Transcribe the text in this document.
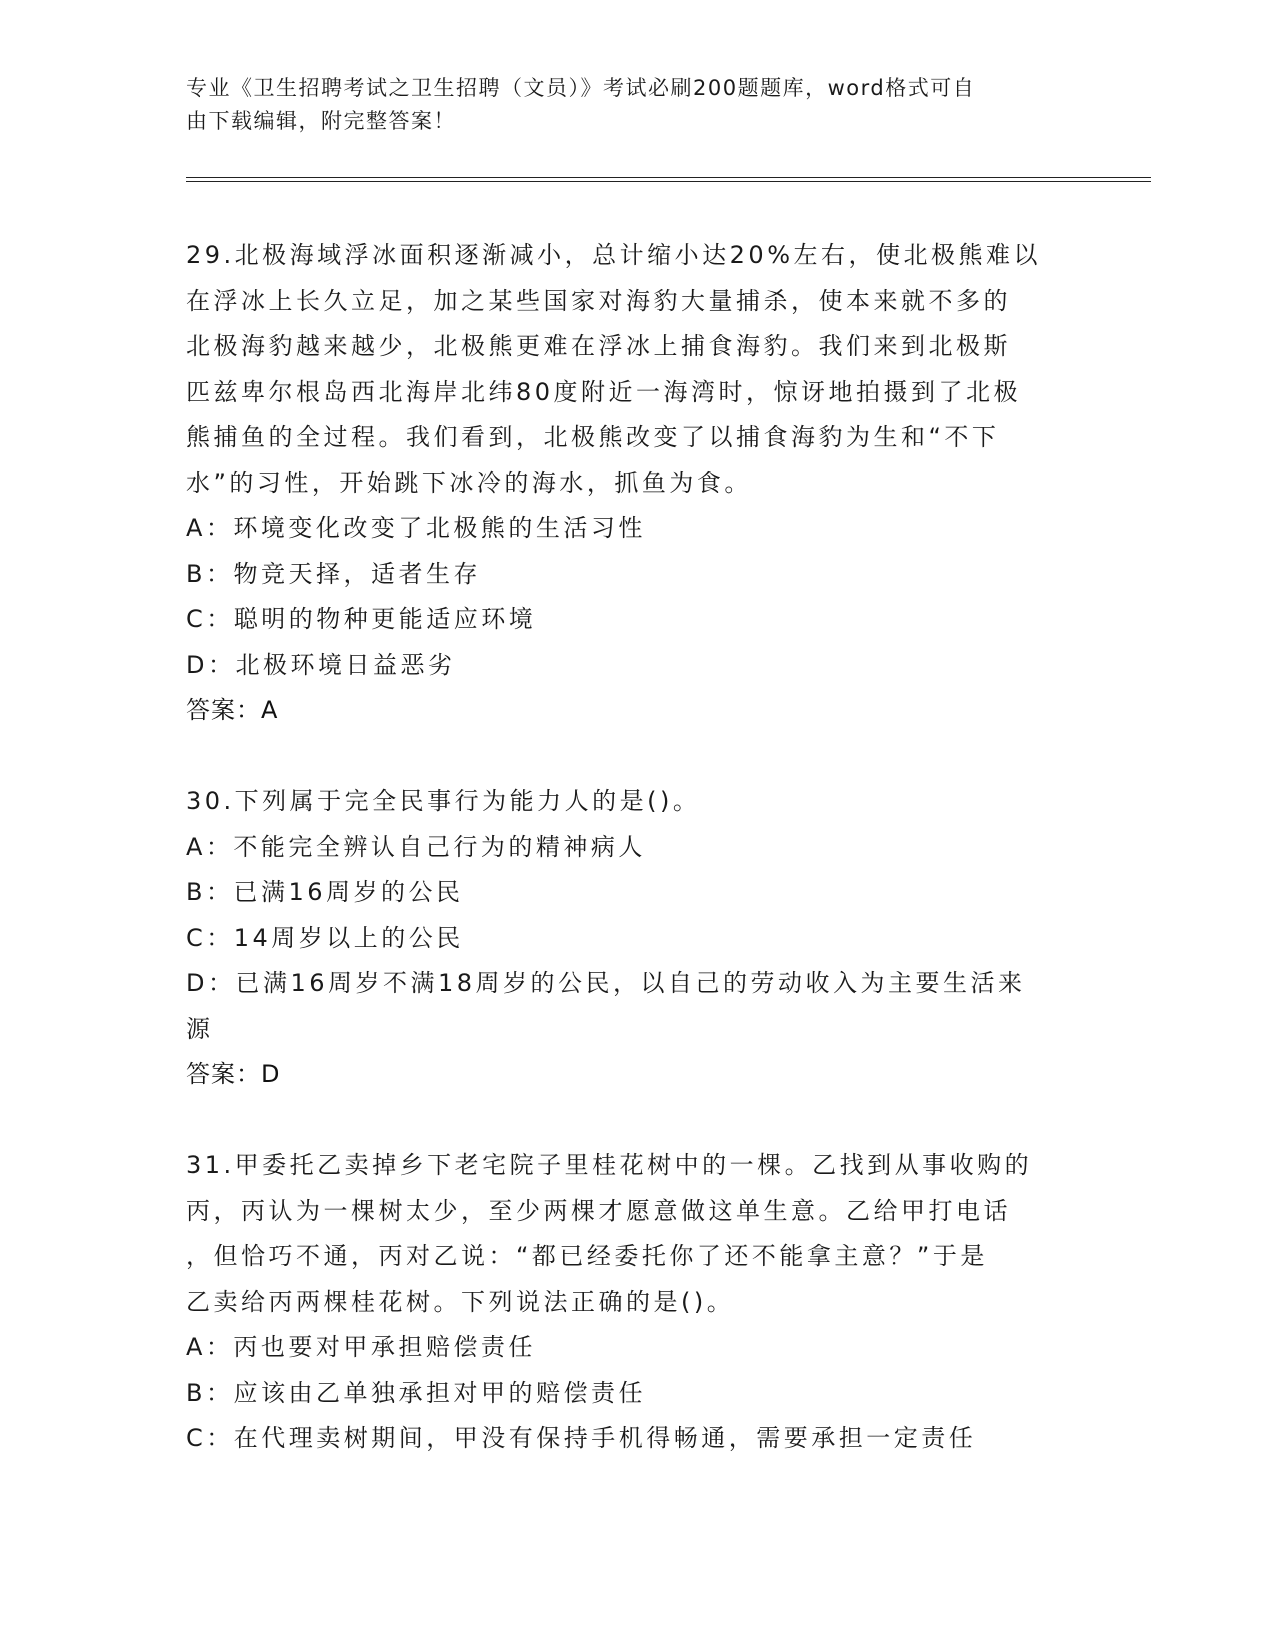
专业《卫生招聘考试之卫生招聘（文员）》考试必刷200题题库，word格式可自
由下载编辑，附完整答案！
29.北极海域浮冰面积逐渐减小，总计缩小达20%左右，使北极熊难以
在浮冰上长久立足，加之某些国家对海豹大量捕杀，使本来就不多的
北极海豹越来越少，北极熊更难在浮冰上捕食海豹。我们来到北极斯
匹兹卑尔根岛西北海岸北纬80度附近一海湾时，惊讶地拍摄到了北极
熊捕鱼的全过程。我们看到，北极熊改变了以捕食海豹为生和“不下
水”的习性，开始跳下冰冷的海水，抓鱼为食。
A：环境变化改变了北极熊的生活习性
B：物竞天择，适者生存
C：聪明的物种更能适应环境
D：北极环境日益恶劣
答案：A
30.下列属于完全民事行为能力人的是()。
A：不能完全辨认自己行为的精神病人
B：已满16周岁的公民
C：14周岁以上的公民
D：已满16周岁不满18周岁的公民，以自己的劳动收入为主要生活来
源
答案：D
31.甲委托乙卖掉乡下老宅院子里桂花树中的一棵。乙找到从事收购的
丙，丙认为一棵树太少，至少两棵才愿意做这单生意。乙给甲打电话
，但恰巧不通，丙对乙说：“都已经委托你了还不能拿主意？”于是
乙卖给丙两棵桂花树。下列说法正确的是()。
A：丙也要对甲承担赔偿责任
B：应该由乙单独承担对甲的赔偿责任
C：在代理卖树期间，甲没有保持手机得畅通，需要承担一定责任
